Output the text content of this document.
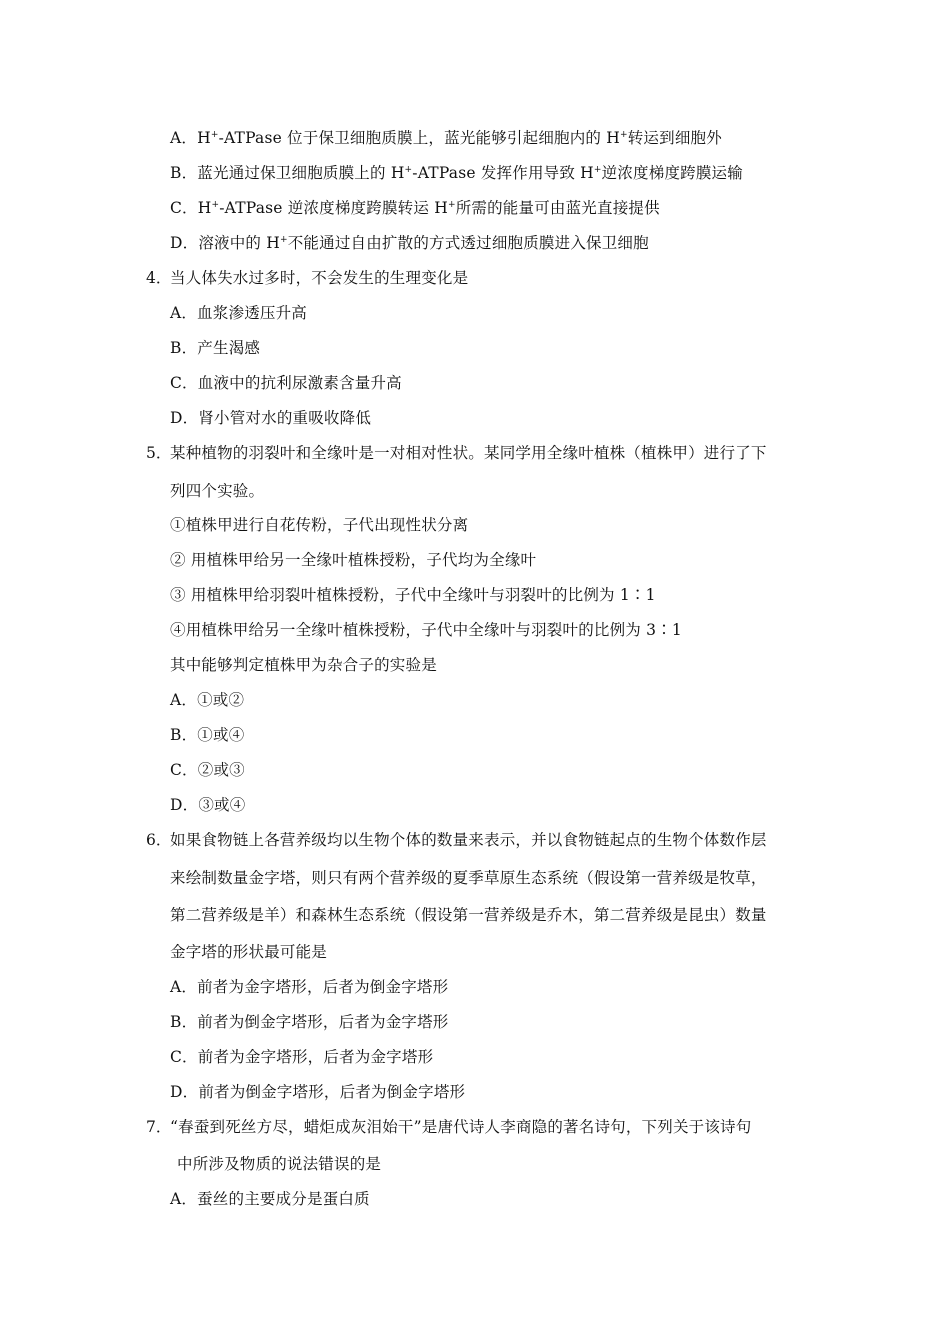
A．H+-ATPase 位于保卫细胞质膜上，蓝光能够引起细胞内的 H+转运到细胞外
B．蓝光通过保卫细胞质膜上的 H+-ATPase 发挥作用导致 H+逆浓度梯度跨膜运输
C．H+-ATPase 逆浓度梯度跨膜转运 H+所需的能量可由蓝光直接提供
D．溶液中的 H+不能通过自由扩散的方式透过细胞质膜进入保卫细胞
4．
当人体失水过多时，不会发生的生理变化是
A．血浆渗透压升高
B．产生渴感
C．血液中的抗利尿激素含量升高
D．肾小管对水的重吸收降低
5．
某种植物的羽裂叶和全缘叶是一对相对性状。某同学用全缘叶植株（植株甲）进行了下
列四个实验。
①植株甲进行自花传粉，子代出现性状分离
② 用植株甲给另一全缘叶植株授粉，子代均为全缘叶
③ 用植株甲给羽裂叶植株授粉，子代中全缘叶与羽裂叶的比例为 1∶1
④用植株甲给另一全缘叶植株授粉，子代中全缘叶与羽裂叶的比例为 3∶1
其中能够判定植株甲为杂合子的实验是
A．①或②
B．①或④
C．②或③
D．③或④
6．
如果食物链上各营养级均以生物个体的数量来表示，并以食物链起点的生物个体数作层
来绘制数量金字塔，则只有两个营养级的夏季草原生态系统（假设第一营养级是牧草，
第二营养级是羊）和森林生态系统（假设第一营养级是乔木，第二营养级是昆虫）数量
金字塔的形状最可能是
A．前者为金字塔形，后者为倒金字塔形
B．前者为倒金字塔形，后者为金字塔形
C．前者为金字塔形，后者为金字塔形
D．前者为倒金字塔形，后者为倒金字塔形
7．
“春蚕到死丝方尽，蜡炬成灰泪始干”是唐代诗人李商隐的著名诗句，下列关于该诗句
中所涉及物质的说法错误的是
A．蚕丝的主要成分是蛋白质
